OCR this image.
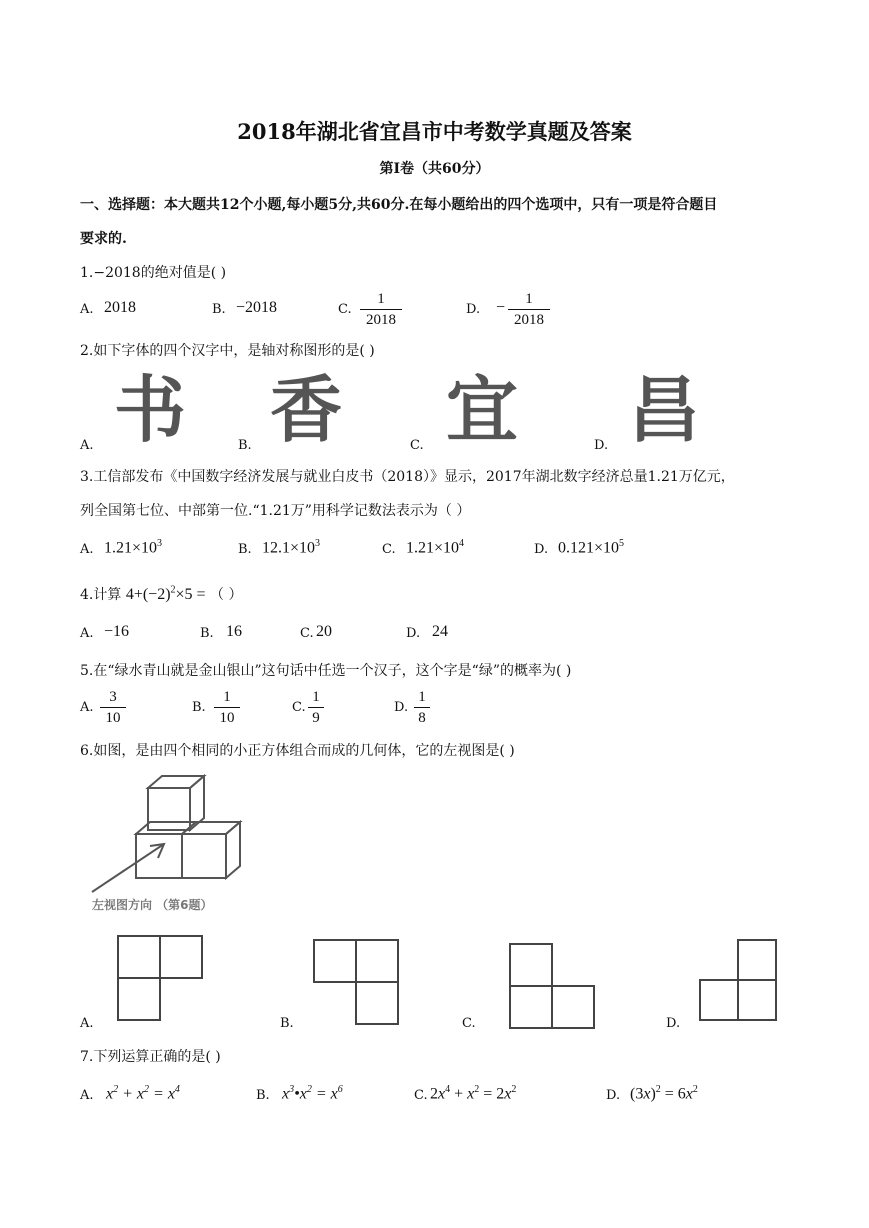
2018年湖北省宜昌市中考数学真题及答案
第Ⅰ卷（共60分）
一、选择题：本大题共12个小题,每小题5分,共60分.在每小题给出的四个选项中，只有一项是符合题目
要求的.
1.−2018的绝对值是( )
A. 2018	B. −2018	C.
1
2018
D. −	1
2018
2.如下字体的四个汉字中，是轴对称图形的是( )
A. 书	B. 香	C. 宜	D. 昌
3.工信部发布《中国数字经济发展与就业白皮书（2018）》显示，2017年湖北数字经济总量1.21万亿元，
列全国第七位、中部第一位.“1.21万”用科学记数法表示为（ ）
A. $1.21\times 10^3$	B. $12.1\times 10^3$	C. $1.21\times 10^4$	D. $0.121\times 10^5$
4.计算 $4+(-2)^2\times 5$ = （ ）
A. −16	B. 16	C. 20	D. 24
5.在“绿水青山就是金山银山”这句话中任选一个汉子，这个字是“绿”的概率为( )
A.
3
10
B.
1
10
C.
1
9
D.
1
8
6.如图，是由四个相同的小正方体组合而成的几何体，它的左视图是( )
左视图方向 （第6题）
A.	B.	C.	D.
7.下列运算正确的是( )
A. $x^2 + x^2 = x^4$	B. $x^3•x^2 = x^6$	C. $2x^4 + x^2 = 2x^2$	D. $(3x)^2 = 6x^2$
